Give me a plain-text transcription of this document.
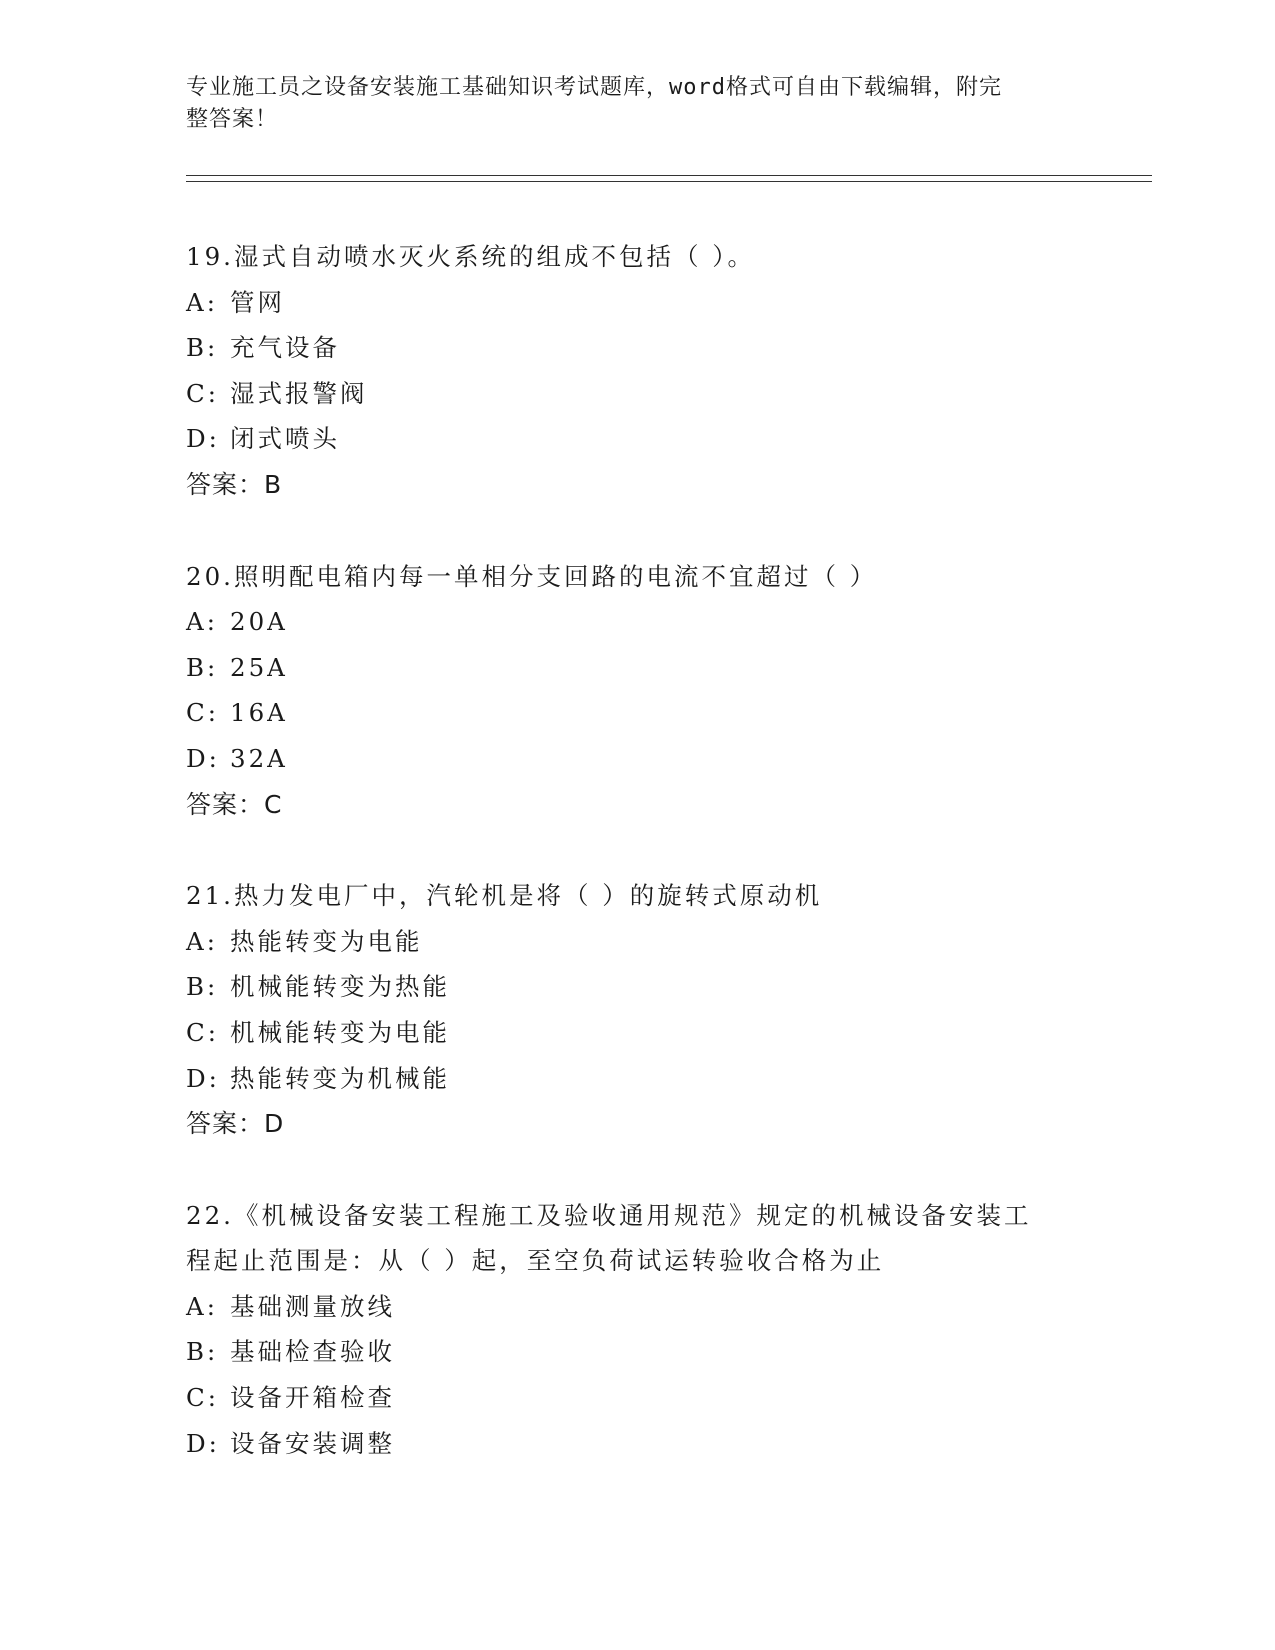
专业施工员之设备安装施工基础知识考试题库，word格式可自由下载编辑，附完
整答案！
19.湿式自动喷水灭火系统的组成不包括（ ）。
A: 管网
B: 充气设备
C: 湿式报警阀
D: 闭式喷头
答案：B
20.照明配电箱内每一单相分支回路的电流不宜超过（ ）
A: 20A
B: 25A
C: 16A
D: 32A
答案：C
21.热力发电厂中，汽轮机是将（ ）的旋转式原动机
A: 热能转变为电能
B: 机械能转变为热能
C: 机械能转变为电能
D: 热能转变为机械能
答案：D
22.《机械设备安装工程施工及验收通用规范》规定的机械设备安装工
程起止范围是：从（ ）起，至空负荷试运转验收合格为止
A: 基础测量放线
B: 基础检查验收
C: 设备开箱检查
D: 设备安装调整
